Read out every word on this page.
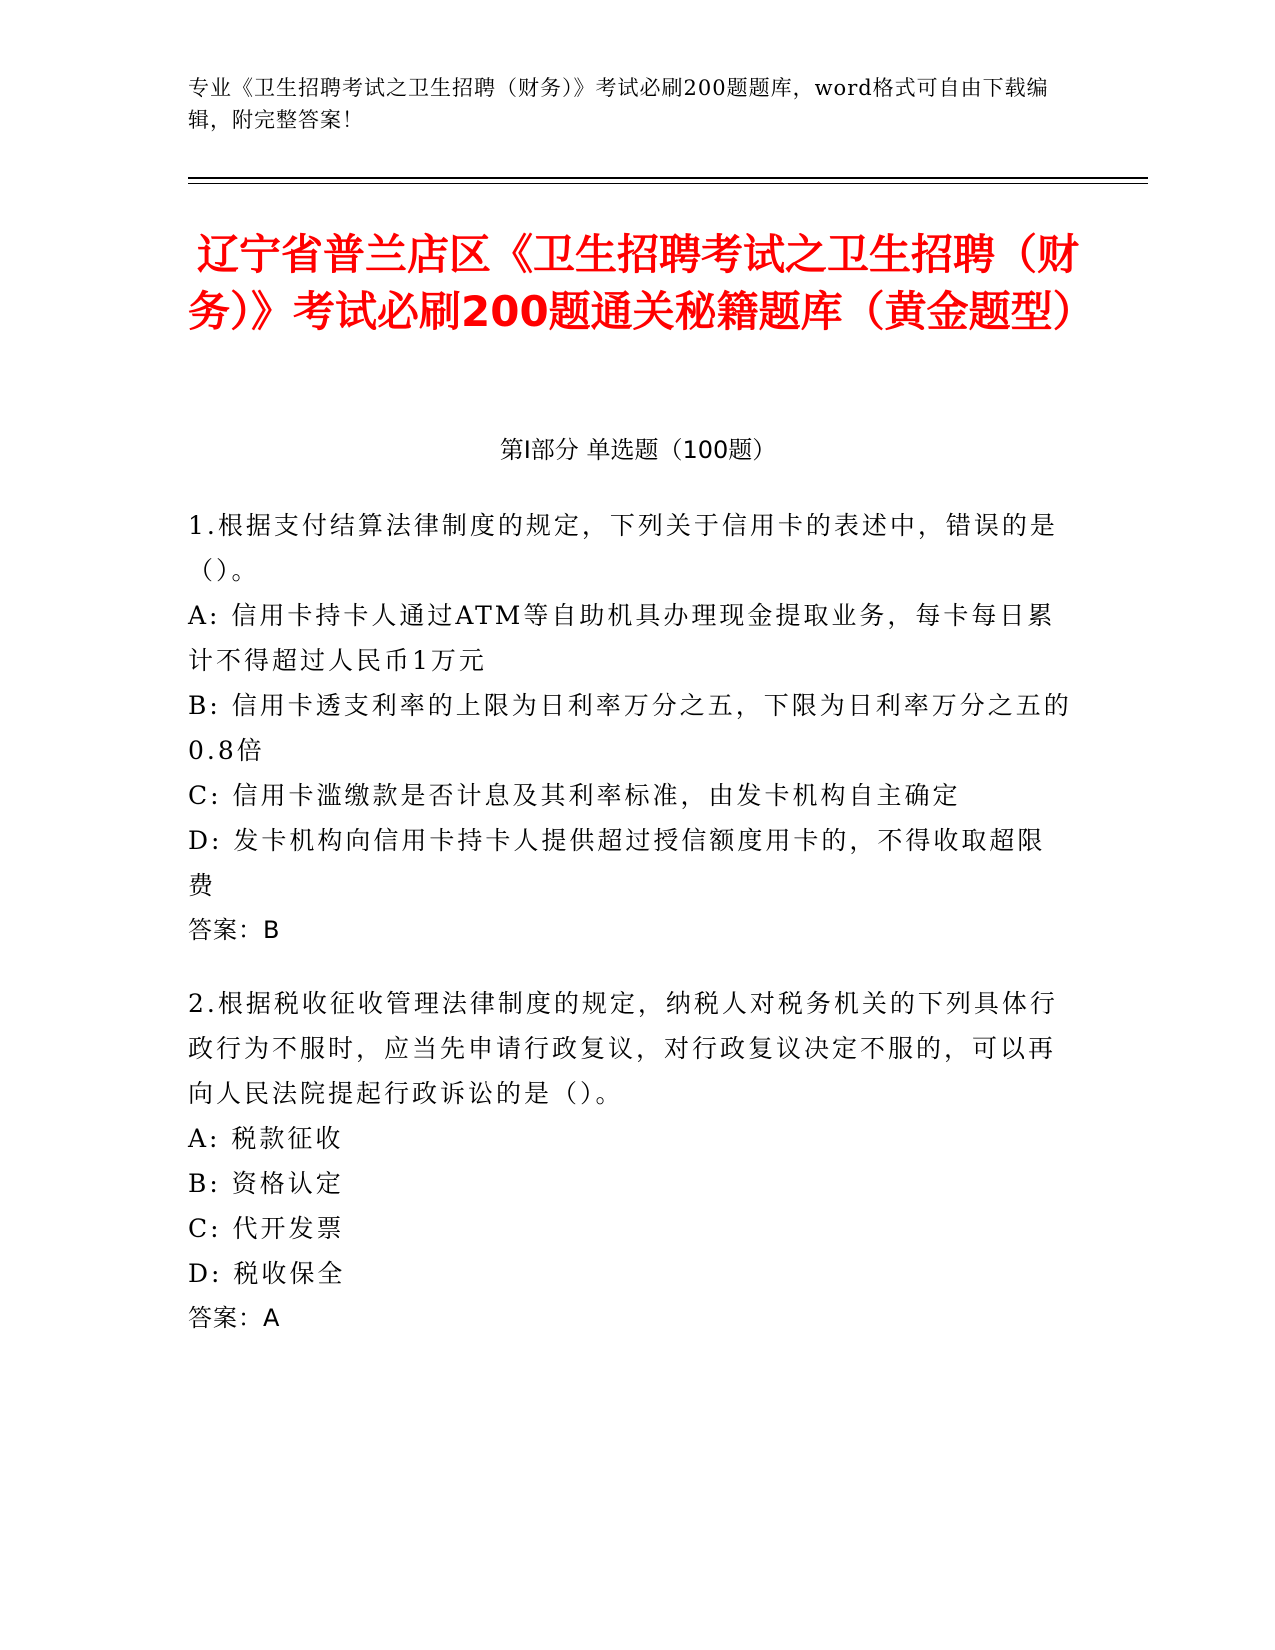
专业《卫生招聘考试之卫生招聘（财务）》考试必刷200题题库，word格式可自由下载编辑，附完整答案！
辽宁省普兰店区《卫生招聘考试之卫生招聘（财务）》考试必刷200题通关秘籍题库（黄金题型）
第I部分 单选题（100题）
1.根据支付结算法律制度的规定，下列关于信用卡的表述中，错误的是（）。
A: 信用卡持卡人通过ATM等自助机具办理现金提取业务，每卡每日累计不得超过人民币1万元
B: 信用卡透支利率的上限为日利率万分之五，下限为日利率万分之五的0.8倍
C: 信用卡滥缴款是否计息及其利率标准，由发卡机构自主确定
D: 发卡机构向信用卡持卡人提供超过授信额度用卡的，不得收取超限费
答案：B
2.根据税收征收管理法律制度的规定，纳税人对税务机关的下列具体行政行为不服时，应当先申请行政复议，对行政复议决定不服的，可以再向人民法院提起行政诉讼的是（）。
A: 税款征收
B: 资格认定
C: 代开发票
D: 税收保全
答案：A
